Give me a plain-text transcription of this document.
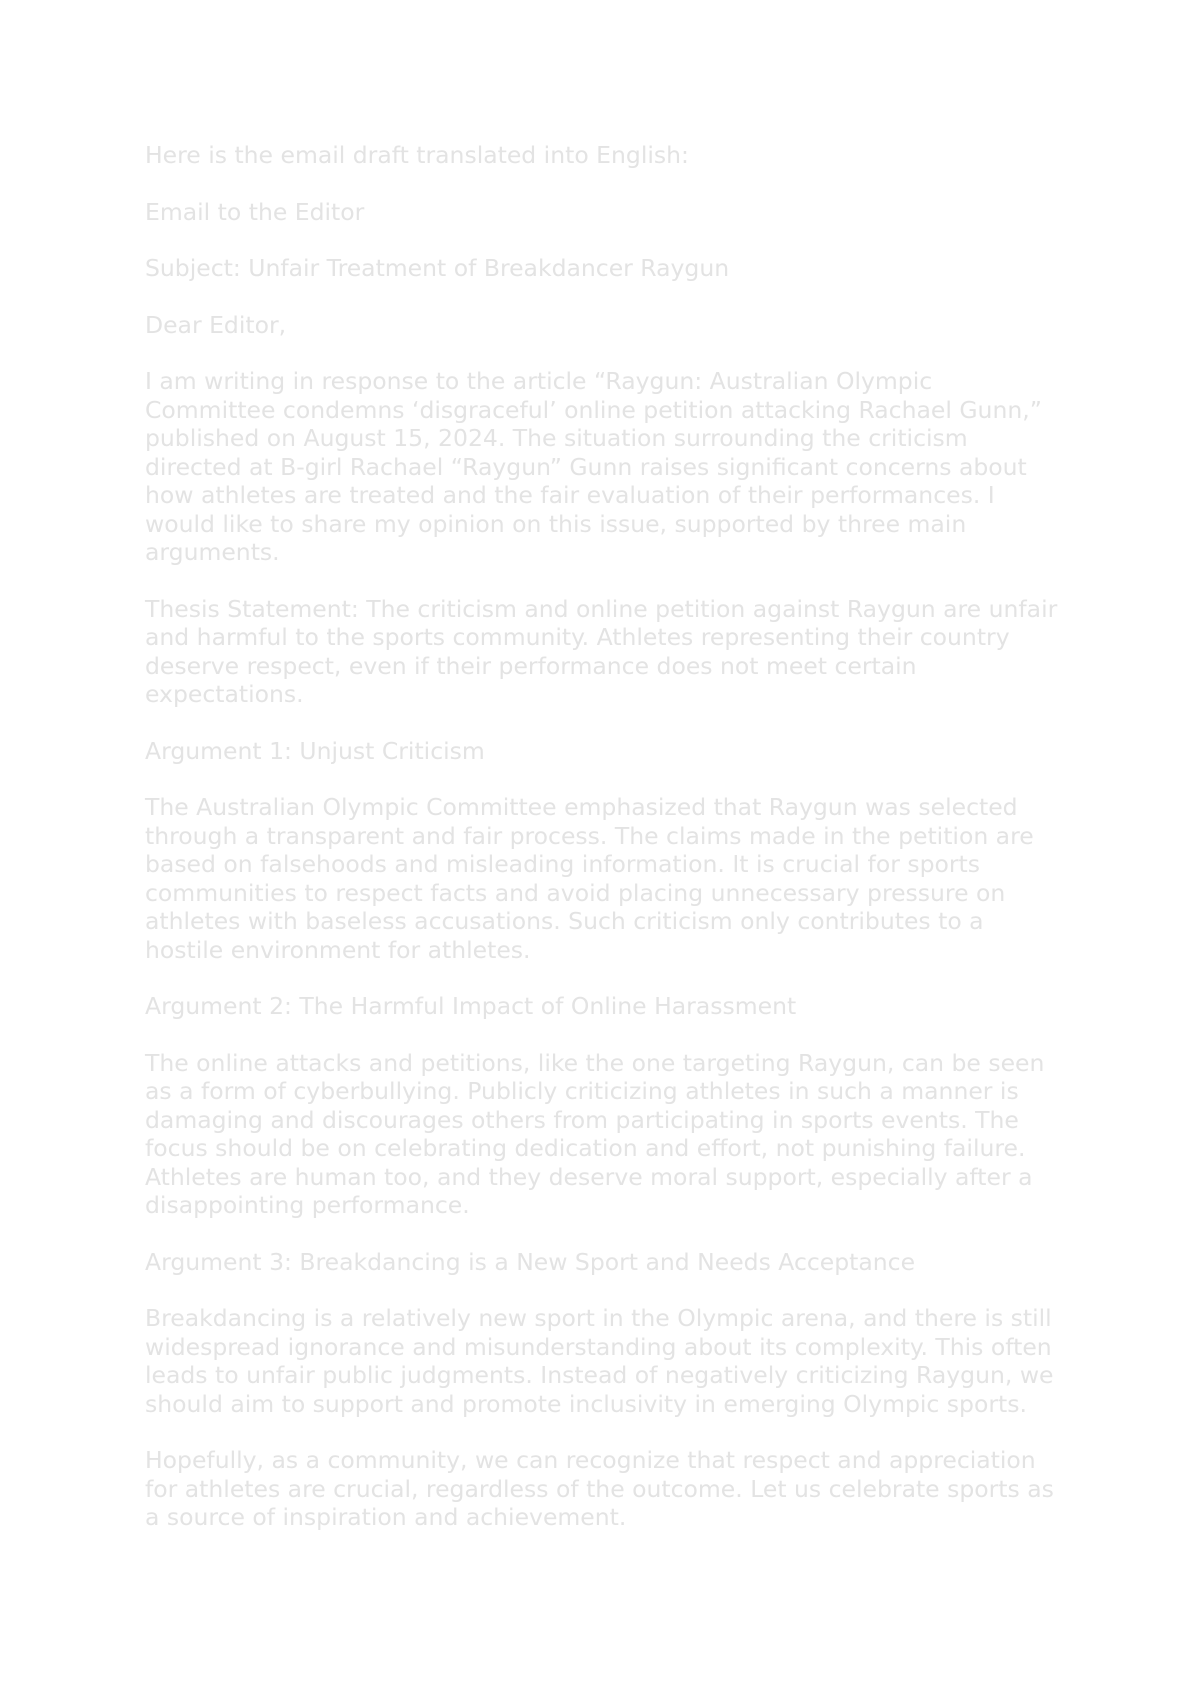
Here is the email draft translated into English:

Email to the Editor

Subject: Unfair Treatment of Breakdancer Raygun

Dear Editor,

I am writing in response to the article “Raygun: Australian Olympic Committee condemns ‘disgraceful’ online petition attacking Rachael Gunn,” published on August 15, 2024. The situation surrounding the criticism directed at B-girl Rachael “Raygun” Gunn raises significant concerns about how athletes are treated and the fair evaluation of their performances. I would like to share my opinion on this issue, supported by three main arguments.

Thesis Statement: The criticism and online petition against Raygun are unfair and harmful to the sports community. Athletes representing their country deserve respect, even if their performance does not meet certain expectations.

Argument 1: Unjust Criticism

The Australian Olympic Committee emphasized that Raygun was selected through a transparent and fair process. The claims made in the petition are based on falsehoods and misleading information. It is crucial for sports communities to respect facts and avoid placing unnecessary pressure on athletes with baseless accusations. Such criticism only contributes to a hostile environment for athletes.

Argument 2: The Harmful Impact of Online Harassment

The online attacks and petitions, like the one targeting Raygun, can be seen as a form of cyberbullying. Publicly criticizing athletes in such a manner is damaging and discourages others from participating in sports events. The focus should be on celebrating dedication and effort, not punishing failure. Athletes are human too, and they deserve moral support, especially after a disappointing performance.

Argument 3: Breakdancing is a New Sport and Needs Acceptance

Breakdancing is a relatively new sport in the Olympic arena, and there is still widespread ignorance and misunderstanding about its complexity. This often leads to unfair public judgments. Instead of negatively criticizing Raygun, we should aim to support and promote inclusivity in emerging Olympic sports.

Hopefully, as a community, we can recognize that respect and appreciation for athletes are crucial, regardless of the outcome. Let us celebrate sports as a source of inspiration and achievement.
